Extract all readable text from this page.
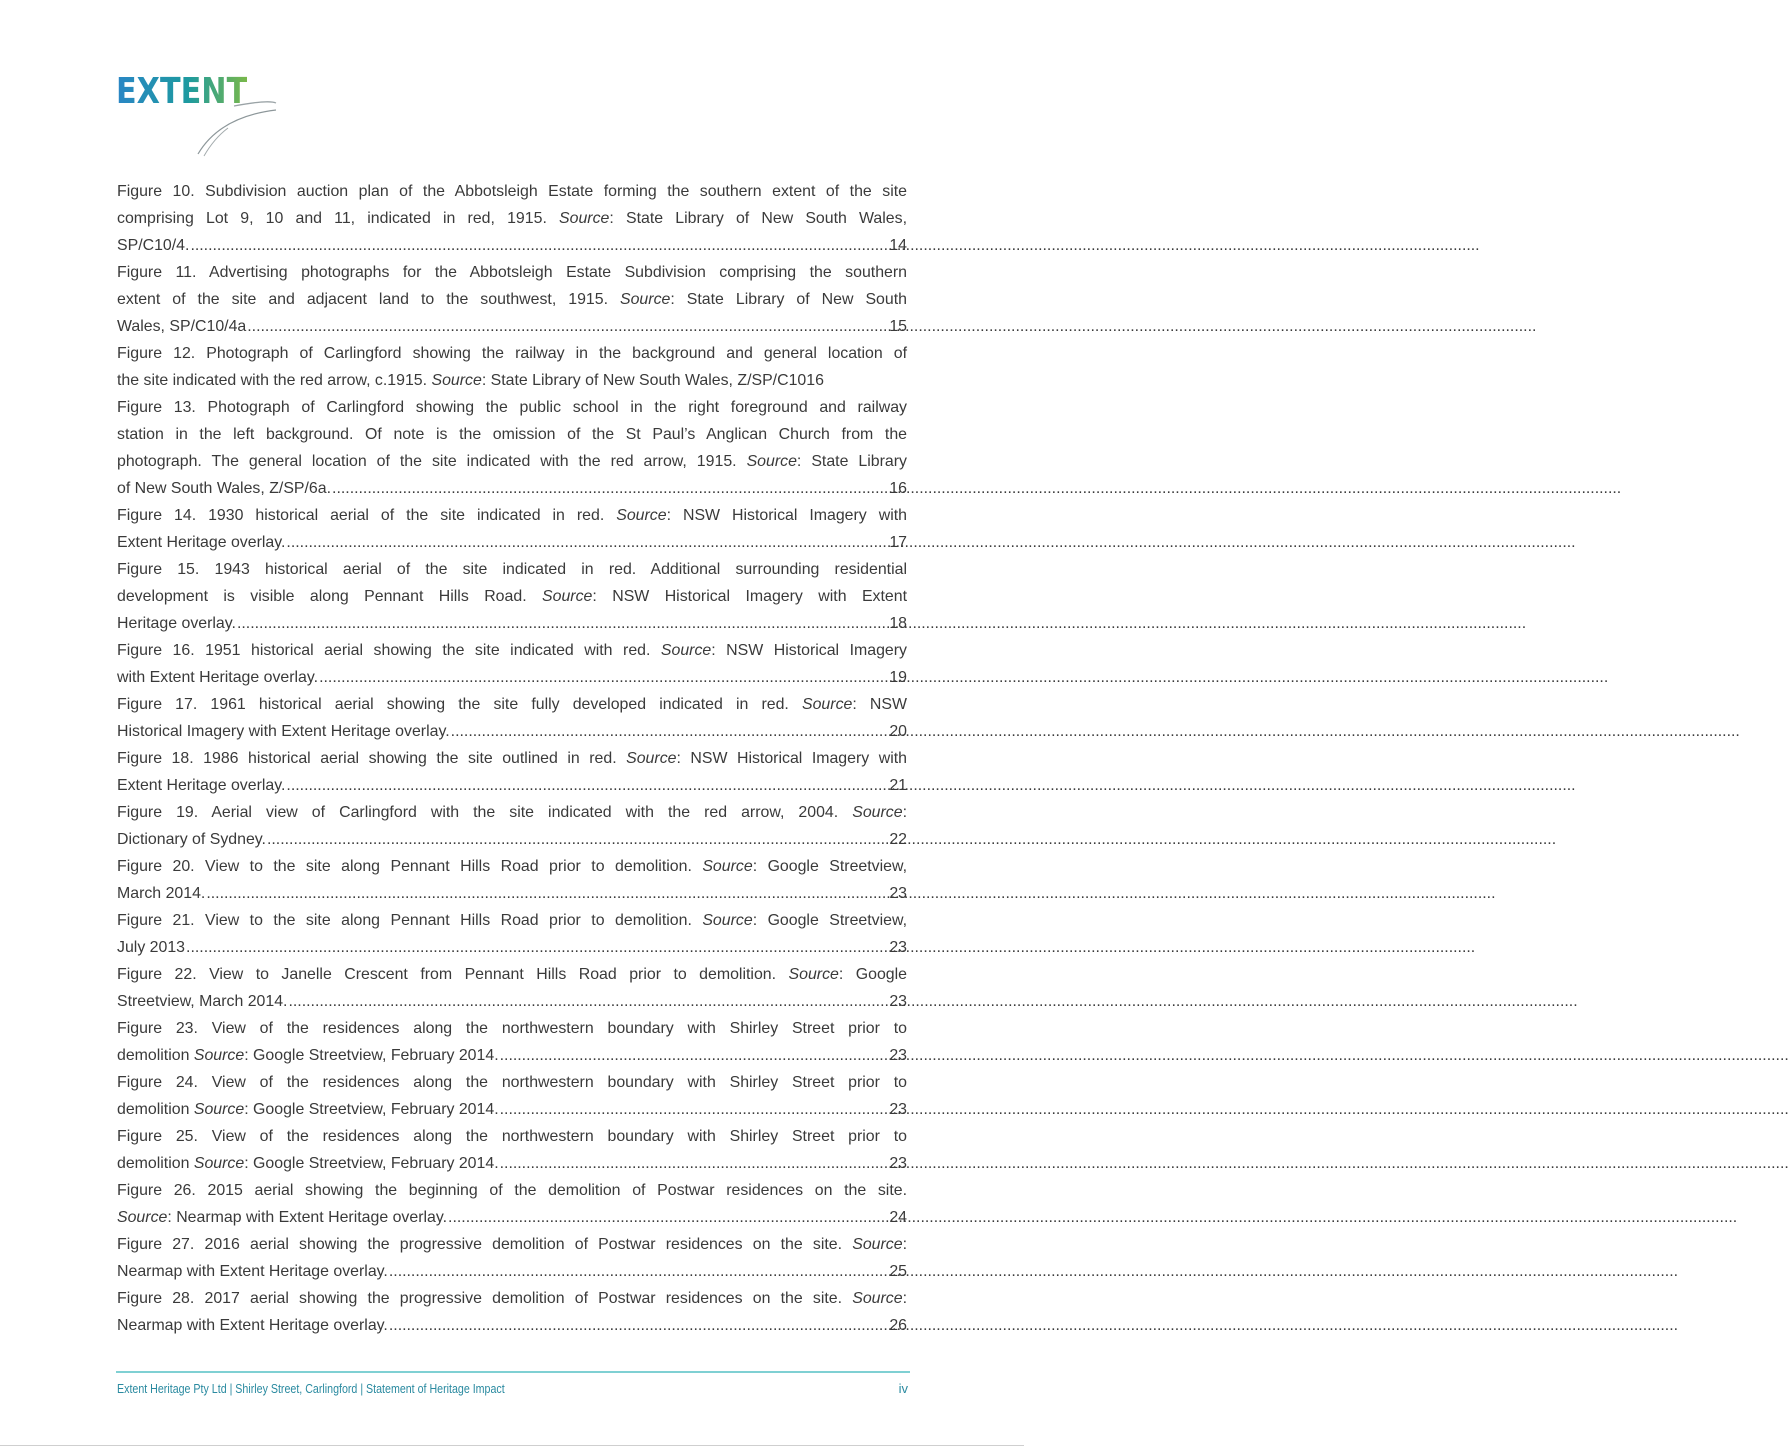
EXTENT
Figure 10. Subdivision auction plan of the Abbotsleigh Estate forming the southern extent of the site
comprising Lot 9, 10 and 11, indicated in red, 1915. Source: State Library of New South Wales,
SP/C10/4. .....	14
Figure 11. Advertising photographs for the Abbotsleigh Estate Subdivision comprising the southern
extent of the site and adjacent land to the southwest, 1915. Source: State Library of New South
Wales, SP/C10/4a .....	15
Figure 12. Photograph of Carlingford showing the railway in the background and general location of
the site indicated with the red arrow, c.1915. Source: State Library of New South Wales, Z/SP/C1016
Figure 13. Photograph of Carlingford showing the public school in the right foreground and railway
station in the left background. Of note is the omission of the St Paul’s Anglican Church from the
photograph. The general location of the site indicated with the red arrow, 1915. Source: State Library
of New South Wales, Z/SP/6a. .....	16
Figure 14. 1930 historical aerial of the site indicated in red. Source: NSW Historical Imagery with
Extent Heritage overlay. .....	17
Figure 15. 1943 historical aerial of the site indicated in red. Additional surrounding residential
development is visible along Pennant Hills Road. Source: NSW Historical Imagery with Extent
Heritage overlay. .....	18
Figure 16. 1951 historical aerial showing the site indicated with red. Source: NSW Historical Imagery
with Extent Heritage overlay. .....	19
Figure 17. 1961 historical aerial showing the site fully developed indicated in red. Source: NSW
Historical Imagery with Extent Heritage overlay. .....	20
Figure 18. 1986 historical aerial showing the site outlined in red. Source: NSW Historical Imagery with
Extent Heritage overlay. .....	21
Figure 19. Aerial view of Carlingford with the site indicated with the red arrow, 2004. Source:
Dictionary of Sydney. .....	22
Figure 20. View to the site along Pennant Hills Road prior to demolition. Source: Google Streetview,
March 2014. .....	23
Figure 21. View to the site along Pennant Hills Road prior to demolition. Source: Google Streetview,
July 2013 .....	23
Figure 22. View to Janelle Crescent from Pennant Hills Road prior to demolition. Source: Google
Streetview, March 2014. .....	23
Figure 23. View of the residences along the northwestern boundary with Shirley Street prior to
demolition Source: Google Streetview, February 2014. .....	23
Figure 24. View of the residences along the northwestern boundary with Shirley Street prior to
demolition Source: Google Streetview, February 2014. .....	23
Figure 25. View of the residences along the northwestern boundary with Shirley Street prior to
demolition Source: Google Streetview, February 2014. .....	23
Figure 26. 2015 aerial showing the beginning of the demolition of Postwar residences on the site.
Source: Nearmap with Extent Heritage overlay. .....	24
Figure 27. 2016 aerial showing the progressive demolition of Postwar residences on the site. Source:
Nearmap with Extent Heritage overlay. .....	25
Figure 28. 2017 aerial showing the progressive demolition of Postwar residences on the site. Source:
Nearmap with Extent Heritage overlay. .....	26
Extent Heritage Pty Ltd | Shirley Street, Carlingford | Statement of Heritage Impact	iv
